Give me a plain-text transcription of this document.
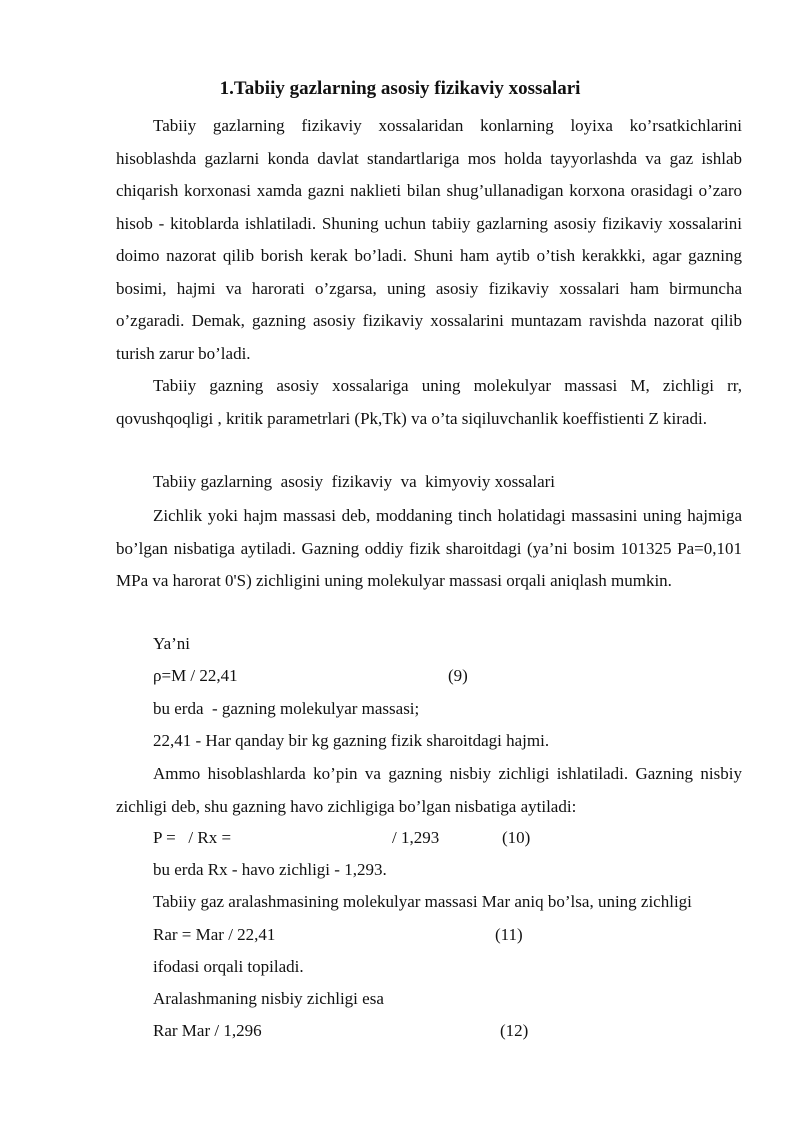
1.Tabiiy gazlarning asosiy fizikaviy xossalari

Tabiiy gazlarning fizikaviy xossalaridan konlarning loyixa ko’rsatkichlarini hisoblashda gazlarni konda davlat standartlariga mos holda tayyorlashda va gaz ishlab chiqarish korxonasi xamda gazni naklieti bilan shug’ullanadigan korxona orasidagi o’zaro hisob - kitoblarda ishlatiladi. Shuning uchun tabiiy gazlarning asosiy fizikaviy xossalarini doimo nazorat qilib borish kerak bo’ladi. Shuni ham aytib o’tish kerakkki, agar gazning bosimi, hajmi va harorati o’zgarsa, uning asosiy fizikaviy xossalari ham birmuncha o’zgaradi. Demak, gazning asosiy fizikaviy xossalarini muntazam ravishda nazorat qilib turish zarur bo’ladi.

Tabiiy gazning asosiy xossalariga uning molekulyar massasi M, zichligi rr, qovushqoqligi , kritik parametrlari (Pk,Tk) va o’ta siqiluvchanlik koeffistienti Z kiradi.

Tabiiy gazlarning  asosiy  fizikaviy  va  kimyoviy xossalari

Zichlik yoki hajm massasi deb, moddaning tinch holatidagi massasini uning hajmiga bo’lgan nisbatiga aytiladi. Gazning oddiy fizik sharoitdagi (ya’ni bosim 101325 Pa=0,101 MPa va harorat 0'S) zichligini uning molekulyar massasi orqali aniqlash mumkin.

Ya’ni
ρ=M / 22,41	(9)
bu erda  - gazning molekulyar massasi;
22,41 - Har qanday bir kg gazning fizik sharoitdagi hajmi.

Ammo hisoblashlarda ko’pin va gazning nisbiy zichligi ishlatiladi. Gazning nisbiy zichligi deb, shu gazning havo zichligiga bo’lgan nisbatiga aytiladi:

P =   / Rx =	/ 1,293	(10)
bu erda Rx - havo zichligi - 1,293.
Tabiiy gaz aralashmasining molekulyar massasi Mar aniq bo’lsa, uning zichligi
Rar = Mar / 22,41	(11)
ifodasi orqali topiladi.
Aralashmaning nisbiy zichligi esa
Rar Mar / 1,296	(12)
